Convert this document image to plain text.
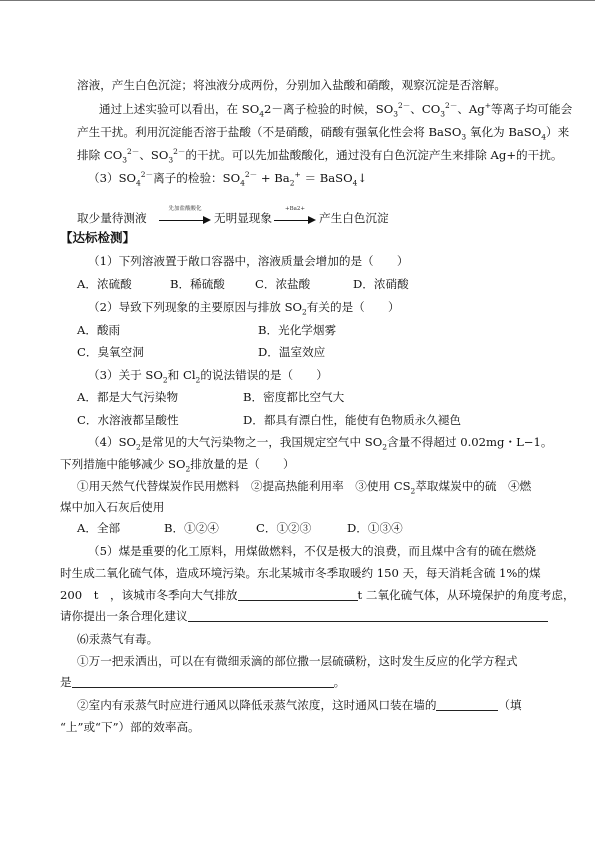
溶液，产生白色沉淀；将浊液分成两份，分别加入盐酸和硝酸，观察沉淀是否溶解。
通过上述实验可以看出，在 $SO_42-$离子检验的时候，$SO_3^{2-}$、$CO_3^{2-}$、Ag+等离子均可能会
产生干扰。利用沉淀能否溶于盐酸（不是硝酸，硝酸有强氧化性会将 BaSO$_3$ 氧化为 BaSO$_4$）来
排除 $CO_3^{2-}$、$SO_3^{2-}$的干扰。可以先加盐酸酸化，通过没有白色沉淀产生来排除 Ag+的干扰。
$(3)SO_4^{2-}$离子的检验：$SO_4^{2-} + Ba_2^+$ ＝ BaSO$_4$↓
取少量待测液
先加盐酸酸化
无明显现象
+Ba2+
产生白色沉淀
【达标检测】
（1）下列溶液置于敞口容器中，溶液质量会增加的是（　　）
A．浓硫酸	B．稀硫酸	C．浓盐酸	D．浓硝酸
（2）导致下列现象的主要原因与排放 $SO_2$有关的是（　　）
A．酸雨	B．光化学烟雾
C．臭氧空洞	D．温室效应
（3）关于 $SO_2$和 $Cl_2$的说法错误的是（　　）
A．都是大气污染物	B．密度都比空气大
C．水溶液都呈酸性	D．都具有漂白性，能使有色物质永久褪色
$(4)SO_2$是常见的大气污染物之一，我国规定空气中 $SO_2$含量不得超过 0.02mg・L−1。
下列措施中能够减少 $SO_2$排放量的是（　　）
①用天然气代替煤炭作民用燃料　②提高热能利用率　③使用 $CS_2$萃取煤炭中的硫　④燃
煤中加入石灰后使用
A．全部	B．①②④	C．①②③	D．①③④
（5）煤是重要的化工原料，用煤做燃料，不仅是极大的浪费，而且煤中含有的硫在燃烧
时生成二氧化硫气体，造成环境污染。东北某城市冬季取暖约 150 天，每天消耗含硫 1%的煤
200　t　，该城市冬季向大气排放	t 二氧化硫气体，从环境保护的角度考虑，
请你提出一条合理化建议
⑹汞蒸气有毒。
①万一把汞洒出，可以在有微细汞滴的部位撒一层硫磺粉，这时发生反应的化学方程式
是	。
②室内有汞蒸气时应进行通风以降低汞蒸气浓度，这时通风口装在墙的	（填
“上”或“下”）部的效率高。
